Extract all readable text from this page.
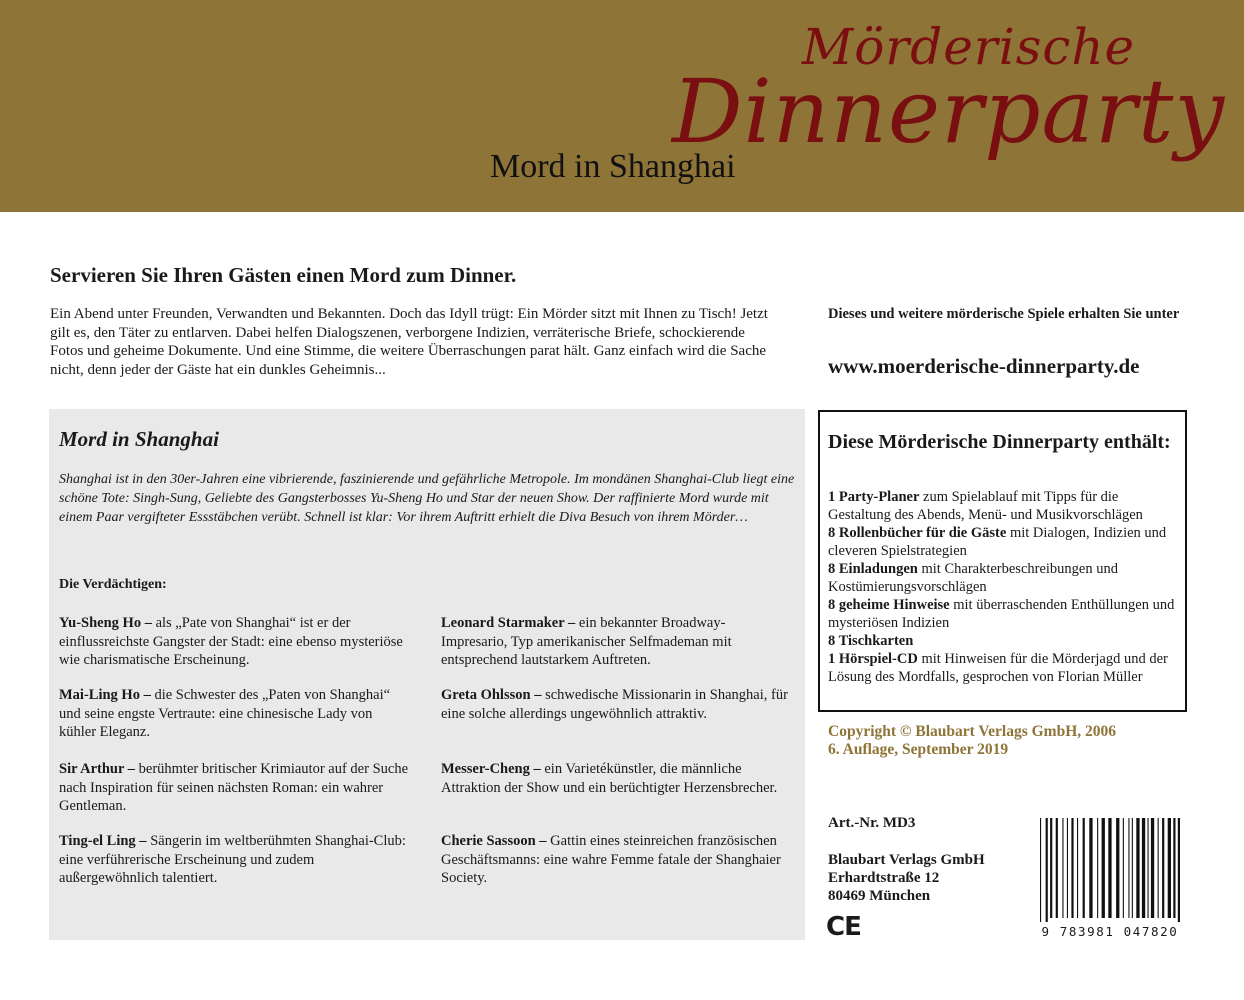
Mörderische
Dinnerparty
Mord in Shanghai
Servieren Sie Ihren Gästen einen Mord zum Dinner.
Ein Abend unter Freunden, Verwandten und Bekannten. Doch das Idyll trügt: Ein Mörder sitzt mit Ihnen zu Tisch! Jetzt gilt es, den Täter zu entlarven. Dabei helfen Dialogszenen, verborgene Indizien, verräterische Briefe, schockierende Fotos und geheime Dokumente. Und eine Stimme, die weitere Überraschungen parat hält. Ganz einfach wird die Sache nicht, denn jeder der Gäste hat ein dunkles Geheimnis...
Dieses und weitere mörderische Spiele erhalten Sie unter
www.moerderische-dinnerparty.de
Mord in Shanghai
Shanghai ist in den 30er-Jahren eine vibrierende, faszinierende und gefährliche Metropole. Im mondänen Shanghai-Club liegt eine schöne Tote: Singh-Sung, Geliebte des Gangsterbosses Yu-Sheng Ho und Star der neuen Show. Der raffinierte Mord wurde mit einem Paar vergifteter Essstäbchen verübt. Schnell ist klar: Vor ihrem Auftritt erhielt die Diva Besuch von ihrem Mörder…
Die Verdächtigen:
Yu-Sheng Ho – als „Pate von Shanghai“ ist er der einflussreichste Gangster der Stadt: eine ebenso mysteriöse wie charismatische Erscheinung.
Leonard Starmaker – ein bekannter Broadway-Impresario, Typ amerikanischer Selfmademan mit entsprechend lautstarkem Auftreten.
Mai-Ling Ho – die Schwester des „Paten von Shanghai“ und seine engste Vertraute: eine chinesische Lady von kühler Eleganz.
Greta Ohlsson – schwedische Missionarin in Shanghai, für eine solche allerdings ungewöhnlich attraktiv.
Sir Arthur – berühmter britischer Krimiautor auf der Suche nach Inspiration für seinen nächsten Roman: ein wahrer Gentleman.
Messer-Cheng – ein Varietékünstler, die männliche Attraktion der Show und ein berüchtigter Herzensbrecher.
Ting-el Ling – Sängerin im weltberühmten Shanghai-Club: eine verführerische Erscheinung und zudem außergewöhnlich talentiert.
Cherie Sassoon – Gattin eines steinreichen französischen Geschäftsmanns: eine wahre Femme fatale der Shanghaier Society.
Diese Mörderische Dinnerparty enthält:
1 Party-Planer zum Spielablauf mit Tipps für die Gestaltung des Abends, Menü- und Musikvorschlägen
8 Rollenbücher für die Gäste mit Dialogen, Indizien und cleveren Spielstrategien
8 Einladungen mit Charakterbeschreibungen und Kostümierungsvorschlägen
8 geheime Hinweise mit überraschenden Enthüllungen und mysteriösen Indizien
8 Tischkarten
1 Hörspiel-CD mit Hinweisen für die Mörderjagd und der Lösung des Mordfalls, gesprochen von Florian Müller
Copyright © Blaubart Verlags GmbH, 2006
6. Auflage, September 2019
Art.-Nr. MD3
Blaubart Verlags GmbH
Erhardtstraße 12
80469 München
CE	9 783981 047820
